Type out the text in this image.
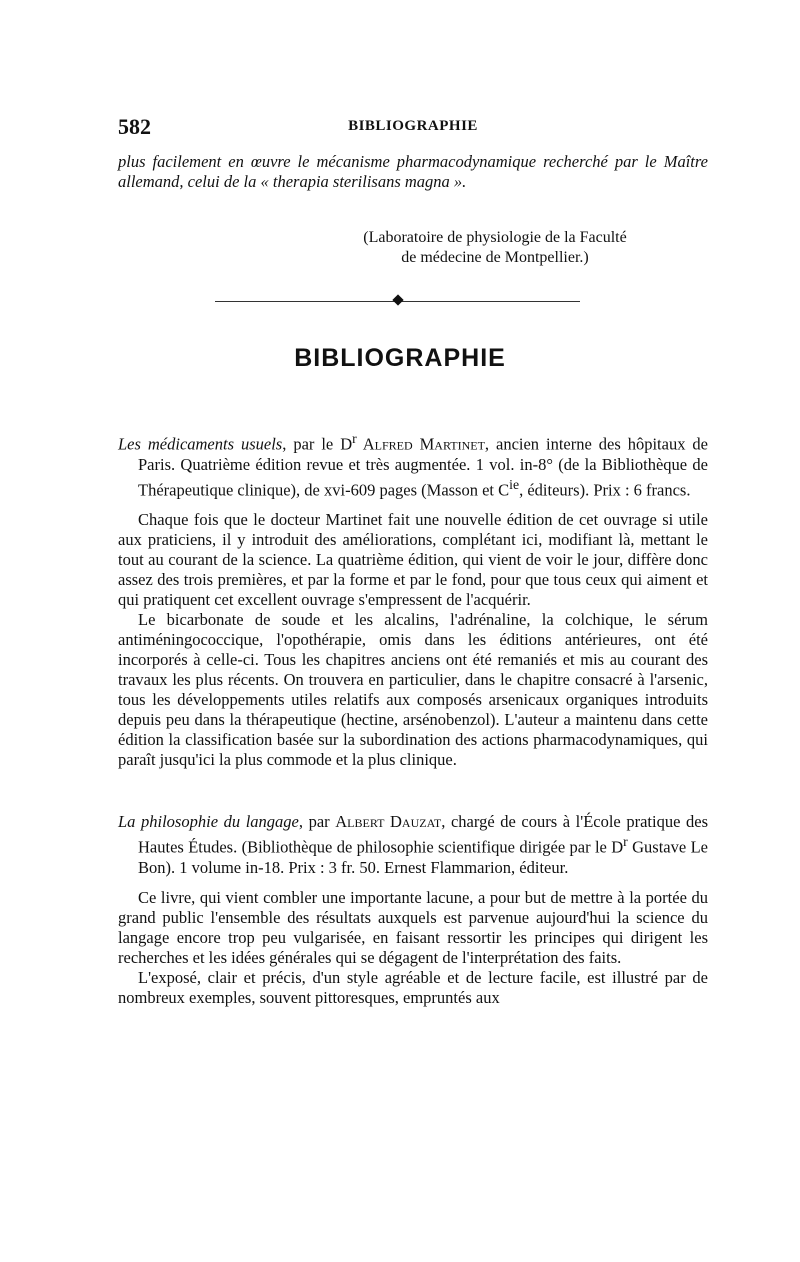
582	BIBLIOGRAPHIE

plus facilement en œuvre le mécanisme pharmacodynamique recherché par le Maître allemand, celui de la « therapia sterilisans magna ».

(Laboratoire de physiologie de la Faculté
de médecine de Montpellier.)
BIBLIOGRAPHIE

Les médicaments usuels, par le $D^r$ Alfred Martinet, ancien interne des hôpitaux de Paris. Quatrième édition revue et très augmentée. 1 vol. in-8° (de la Bibliothèque de Thérapeutique clinique), de xvi-609 pages (Masson et $C^{ie}$, éditeurs). Prix : 6 francs.

Chaque fois que le docteur Martinet fait une nouvelle édition de cet ouvrage si utile aux praticiens, il y introduit des améliorations, complétant ici, modifiant là, mettant le tout au courant de la science. La quatrième édition, qui vient de voir le jour, diffère donc assez des trois premières, et par la forme et par le fond, pour que tous ceux qui aiment et qui pratiquent cet excellent ouvrage s'empressent de l'acquérir.

Le bicarbonate de soude et les alcalins, l'adrénaline, la colchique, le sérum antiméningococcique, l'opothérapie, omis dans les éditions antérieures, ont été incorporés à celle-ci. Tous les chapitres anciens ont été remaniés et mis au courant des travaux les plus récents. On trouvera en particulier, dans le chapitre consacré à l'arsenic, tous les développements utiles relatifs aux composés arsenicaux organiques introduits depuis peu dans la thérapeutique (hectine, arsénobenzol). L'auteur a maintenu dans cette édition la classification basée sur la subordination des actions pharmacodynamiques, qui paraît jusqu'ici la plus commode et la plus clinique.

La philosophie du langage, par Albert Dauzat, chargé de cours à l'École pratique des Hautes Études. (Bibliothèque de philosophie scientifique dirigée par le $D^r$ Gustave Le Bon). 1 volume in-18. Prix : 3 fr. 50. Ernest Flammarion, éditeur.

Ce livre, qui vient combler une importante lacune, a pour but de mettre à la portée du grand public l'ensemble des résultats auxquels est parvenue aujourd'hui la science du langage encore trop peu vulgarisée, en faisant ressortir les principes qui dirigent les recherches et les idées générales qui se dégagent de l'interprétation des faits.

L'exposé, clair et précis, d'un style agréable et de lecture facile, est illustré par de nombreux exemples, souvent pittoresques, empruntés aux
